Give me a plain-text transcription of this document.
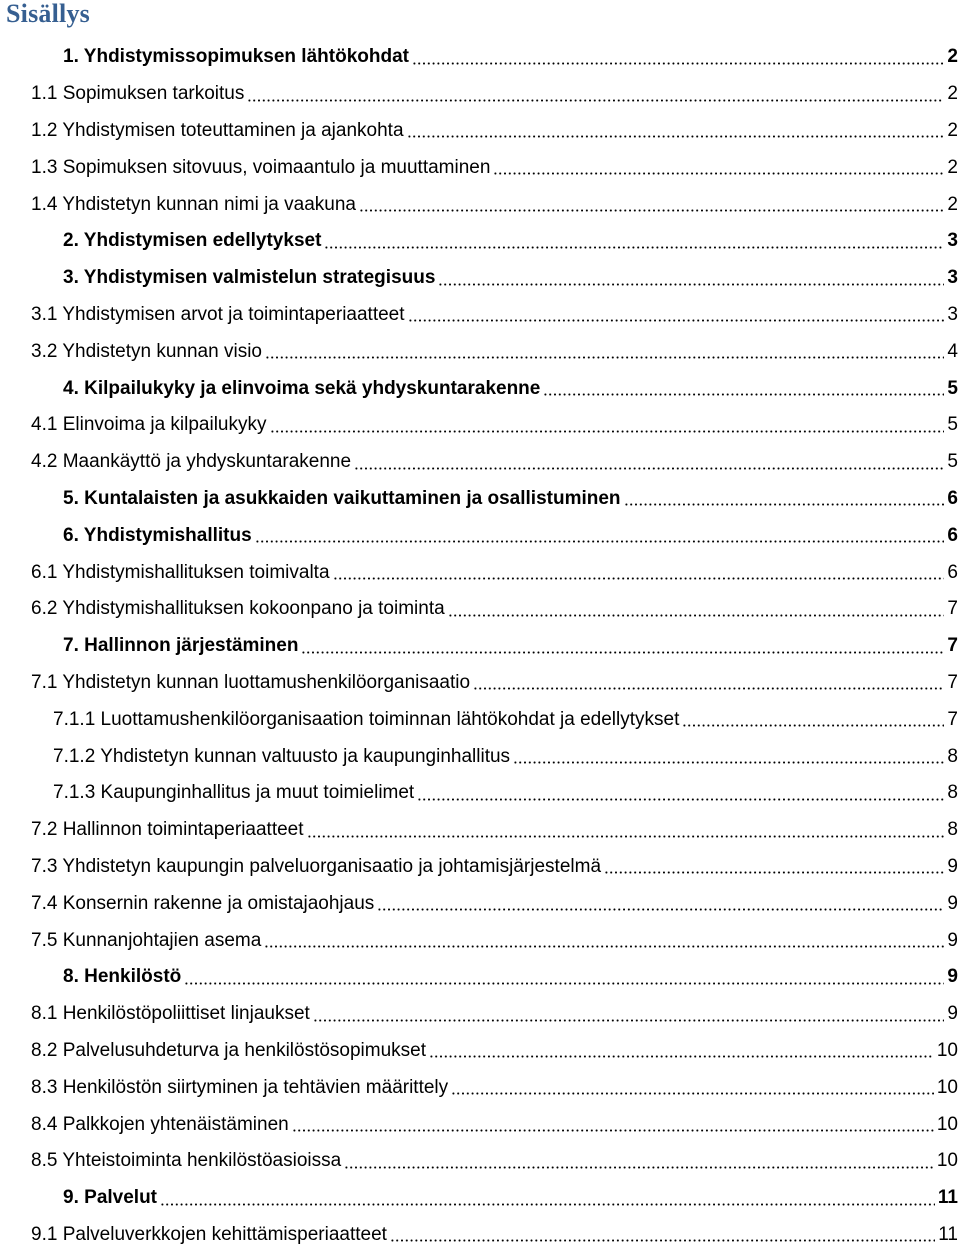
Sisällys
1. Yhdistymissopimuksen lähtökohdat	2
1.1 Sopimuksen tarkoitus	2
1.2 Yhdistymisen toteuttaminen ja ajankohta	2
1.3 Sopimuksen sitovuus, voimaantulo ja muuttaminen	2
1.4 Yhdistetyn kunnan nimi ja vaakuna	2
2. Yhdistymisen edellytykset	3
3. Yhdistymisen valmistelun strategisuus	3
3.1 Yhdistymisen arvot ja toimintaperiaatteet	3
3.2 Yhdistetyn kunnan visio	4
4. Kilpailukyky ja elinvoima sekä yhdyskuntarakenne	5
4.1 Elinvoima ja kilpailukyky	5
4.2 Maankäyttö ja yhdyskuntarakenne	5
5. Kuntalaisten ja asukkaiden vaikuttaminen ja osallistuminen	6
6. Yhdistymishallitus	6
6.1 Yhdistymishallituksen toimivalta	6
6.2 Yhdistymishallituksen kokoonpano ja toiminta	7
7. Hallinnon järjestäminen	7
7.1 Yhdistetyn kunnan luottamushenkilöorganisaatio	7
7.1.1 Luottamushenkilöorganisaation toiminnan lähtökohdat ja edellytykset	7
7.1.2 Yhdistetyn kunnan valtuusto ja kaupunginhallitus	8
7.1.3 Kaupunginhallitus ja muut toimielimet	8
7.2 Hallinnon toimintaperiaatteet	8
7.3 Yhdistetyn kaupungin palveluorganisaatio ja johtamisjärjestelmä	9
7.4 Konsernin rakenne ja omistajaohjaus	9
7.5 Kunnanjohtajien asema	9
8. Henkilöstö	9
8.1 Henkilöstöpoliittiset linjaukset	9
8.2 Palvelusuhdeturva ja henkilöstösopimukset	10
8.3 Henkilöstön siirtyminen ja tehtävien määrittely	10
8.4 Palkkojen yhtenäistäminen	10
8.5 Yhteistoiminta henkilöstöasioissa	10
9. Palvelut	11
9.1 Palveluverkkojen kehittämisperiaatteet	11
